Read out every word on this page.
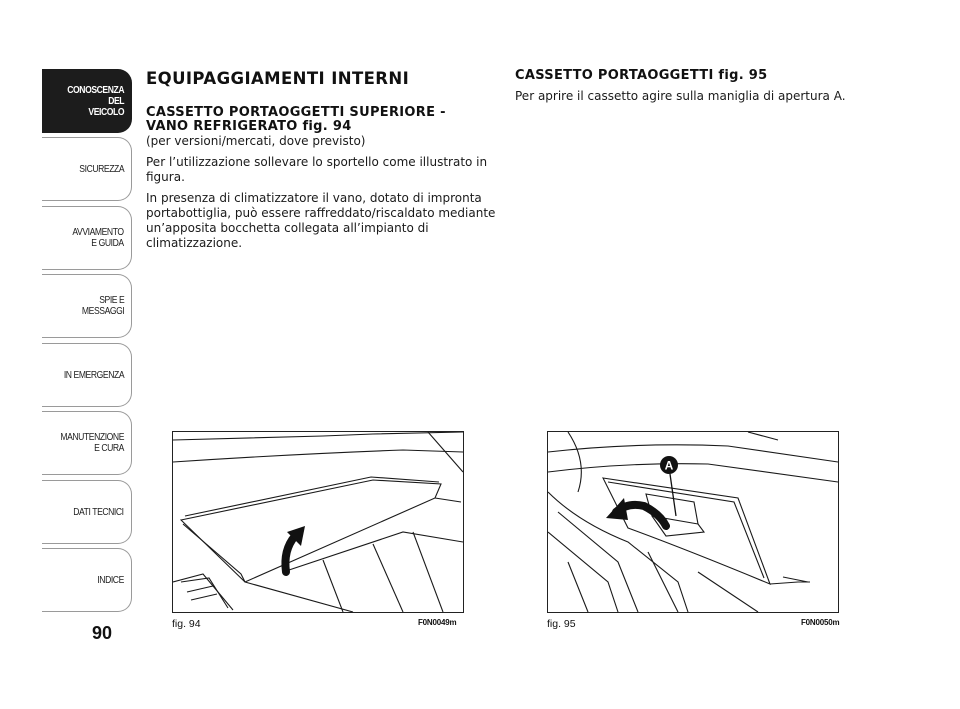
CONOSCENZA
DEL
VEICOLO
SICUREZZA
AVVIAMENTO
E GUIDA
SPIE E
MESSAGGI
IN EMERGENZA
MANUTENZIONE
E CURA
DATI TECNICI
INDICE
90
EQUIPAGGIAMENTI INTERNI

CASSETTO PORTAOGGETTI SUPERIORE -
VANO REFRIGERATO fig. 94

(per versioni/mercati, dove previsto)

Per l’utilizzazione sollevare lo sportello come illustrato in figura.

In presenza di climatizzatore il vano, dotato di impronta portabottiglia, può essere raffreddato/riscaldato mediante un’apposita bocchetta collegata all’impianto di climatizzazione.

CASSETTO PORTAOGGETTI fig. 95

Per aprire il cassetto agire sulla maniglia di apertura A.

fig. 94	F0N0049m
A
fig. 95	F0N0050m
